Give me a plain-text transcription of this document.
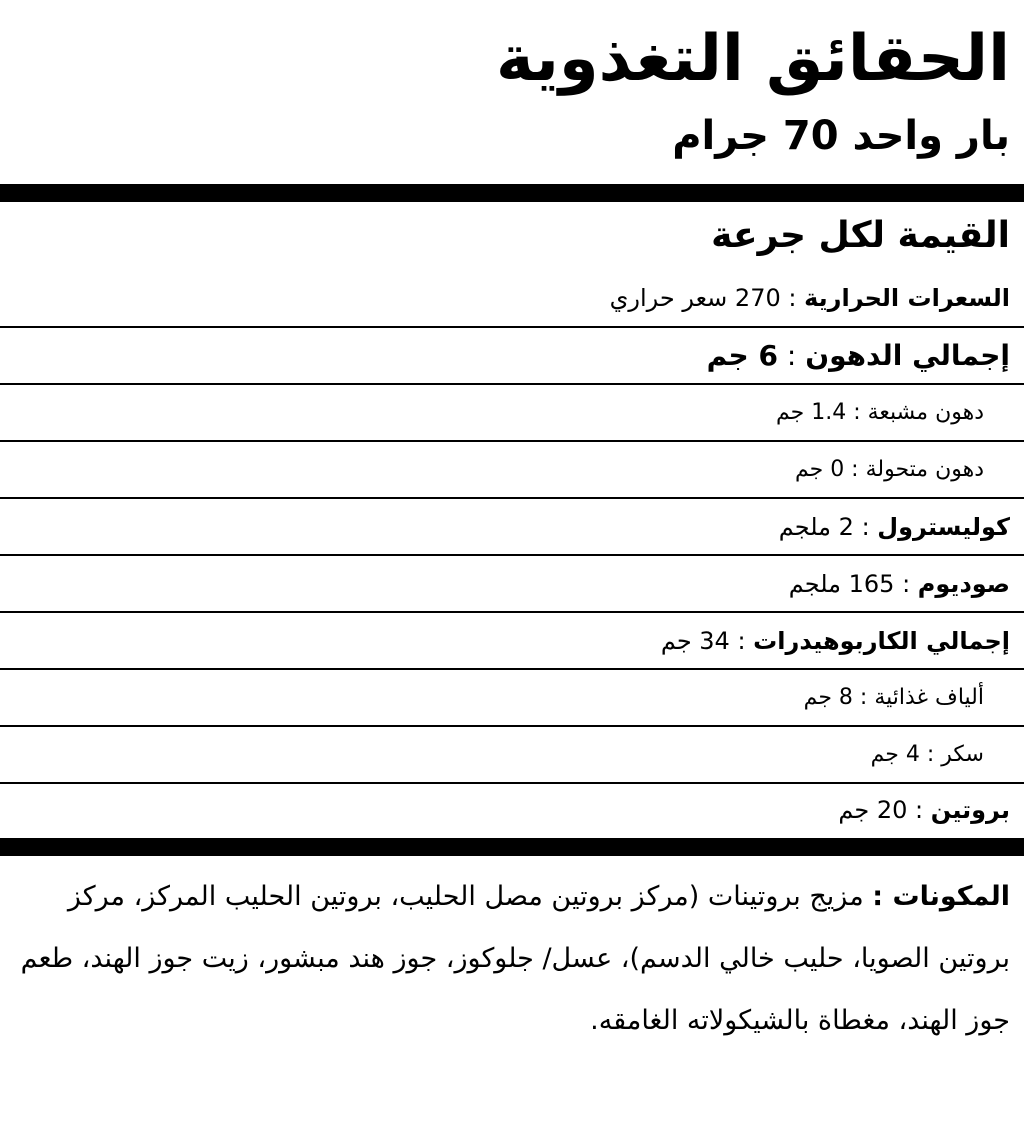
الحقائق التغذوية
بار واحد 70 جرام
القيمة لكل جرعة
السعرات الحرارية : 270 سعر حراري
إجمالي الدهون : 6 جم
دهون مشبعة : 1.4 جم
دهون متحولة : 0 جم
كوليسترول : 2 ملجم
صوديوم : 165 ملجم
إجمالي الكاربوهيدرات : 34 جم
ألياف غذائية : 8 جم
سكر : 4 جم
بروتين : 20 جم

المكونات : مزيج بروتينات (مركز بروتين مصل الحليب، بروتين الحليب المركز، مركز بروتين الصويا، حليب خالي الدسم)، عسل/ جلوكوز، جوز هند مبشور، زيت جوز الهند، طعم جوز الهند، مغطاة بالشيكولاته الغامقه.
